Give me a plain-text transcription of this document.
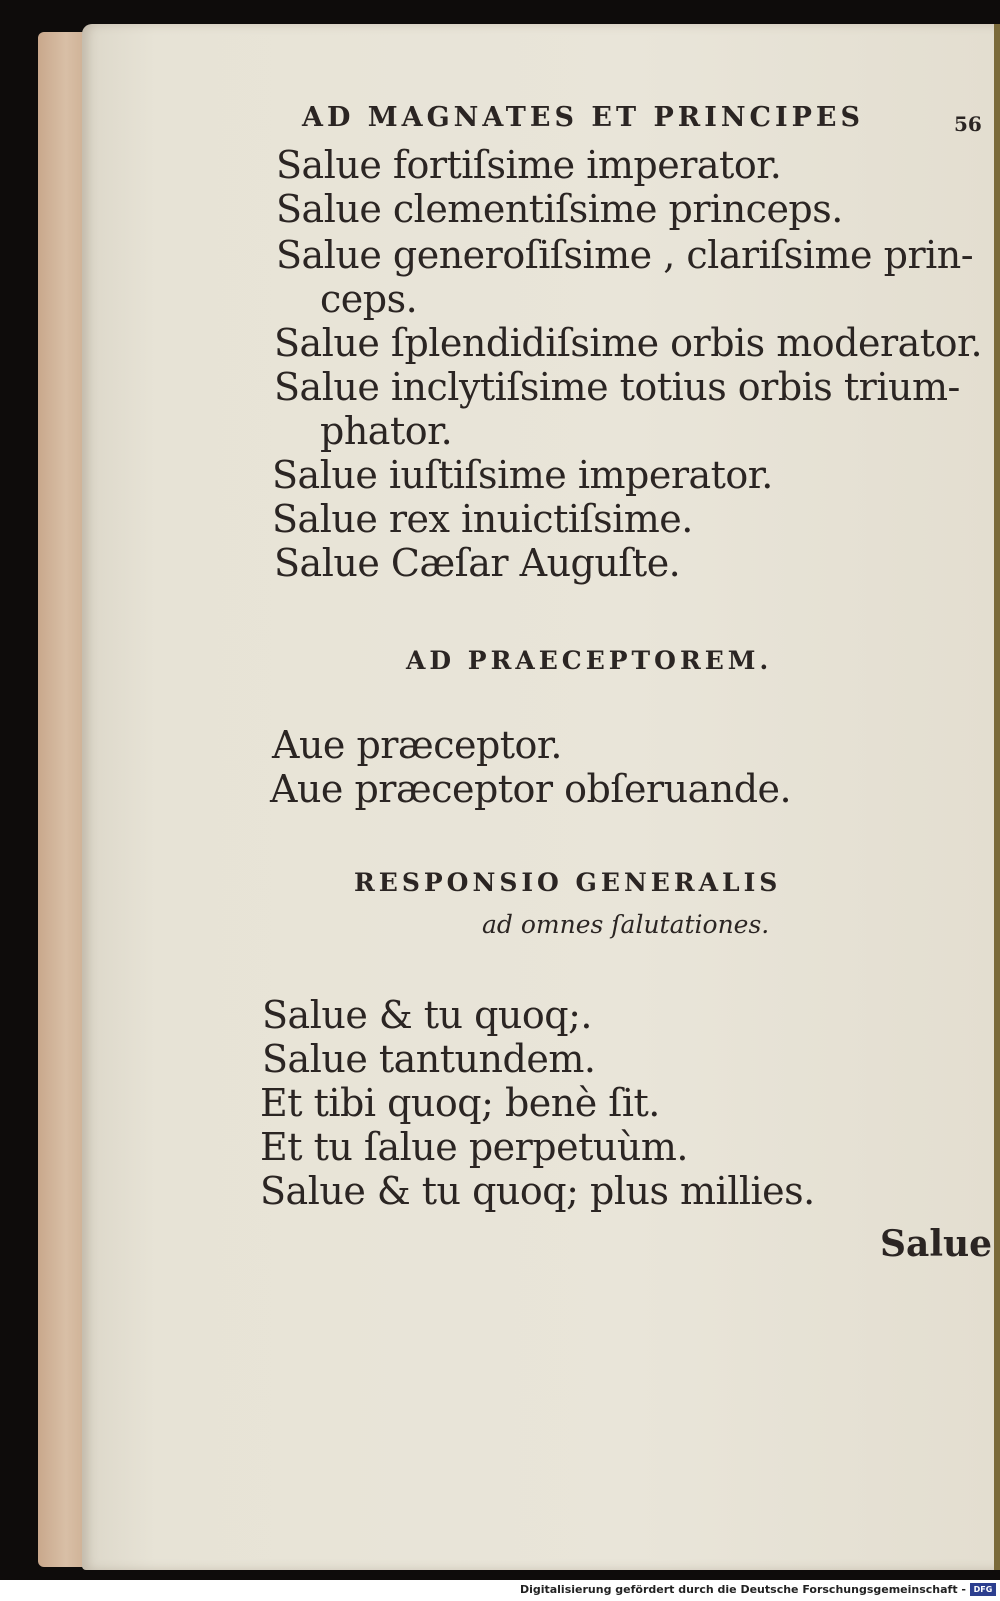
AD MAGNATES ET PRINCIPES	56
Salue fortiſsime imperator.
Salue clementiſsime princeps.
Salue generoſiſsime , clariſsime prin-
ceps.
Salue ſplendidiſsime orbis moderator.
Salue inclytiſsime totius orbis trium-
phator.
Salue iuſtiſsime imperator.
Salue rex inuictiſsime.
Salue Cæſar Auguſte.
AD PRAECEPTOREM.
Aue præceptor.
Aue præceptor obſeruande.
RESPONSIO GENERALIS
ad omnes ſalutationes.
Salue & tu quoq;.
Salue tantundem.
Et tibi quoq; benè ſit.
Et tu ſalue perpetuùm.
Salue & tu quoq; plus millies.
Salue
Digitalisierung gefördert durch die Deutsche Forschungsgemeinschaft - DFG
